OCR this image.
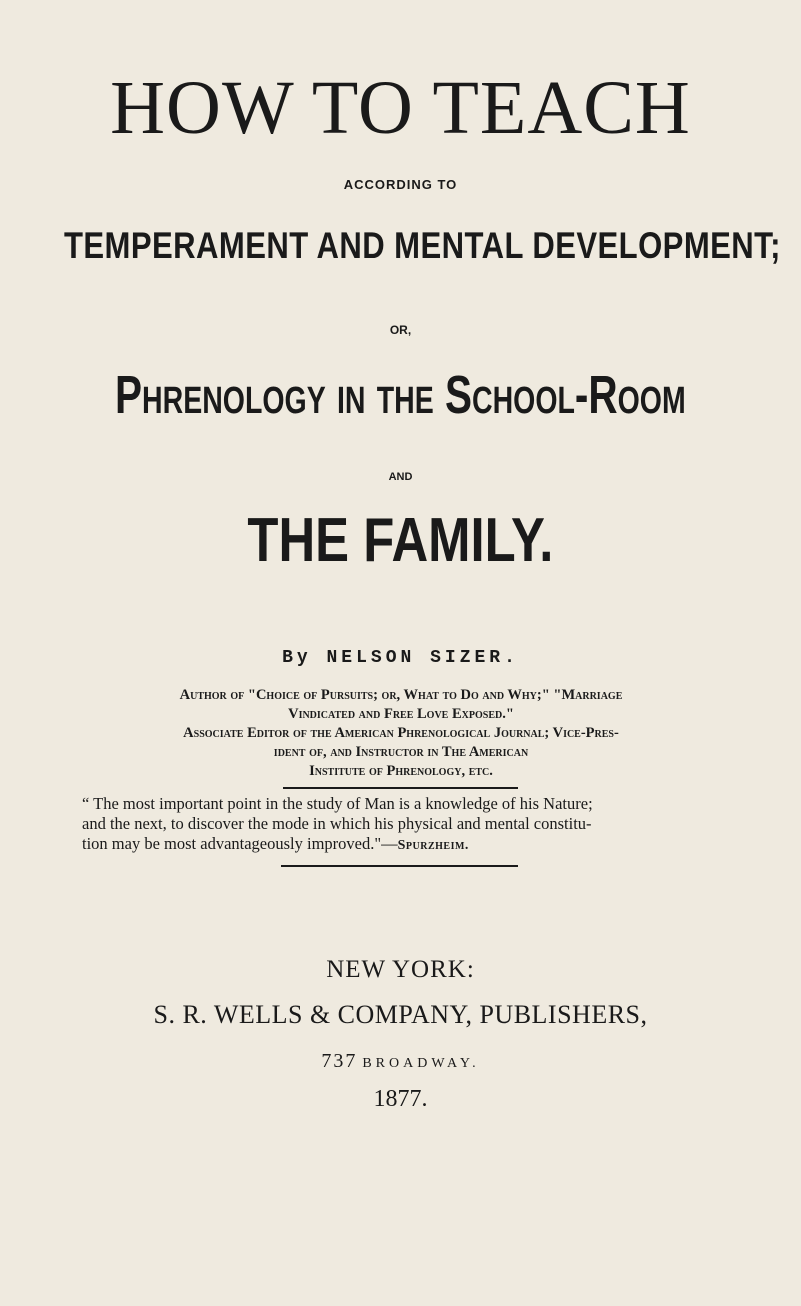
HOW TO TEACH
ACCORDING TO
TEMPERAMENT AND MENTAL DEVELOPMENT;
OR,
Phrenology in the School-Room
AND
THE FAMILY.
By NELSON SIZER.
Author of "Choice of Pursuits; or, What to Do and Why;" "Marriage
Vindicated and Free Love Exposed."
Associate Editor of the American Phrenological Journal; Vice-Pres-
ident of, and Instructor in The American
Institute of Phrenology, etc.
“ The most important point in the study of Man is a knowledge of his Nature;
and the next, to discover the mode in which his physical and mental constitu-
tion may be most advantageously improved."—Spurzheim.
NEW YORK:
S. R. WELLS & COMPANY, PUBLISHERS,
737 BROADWAY.
1877.
